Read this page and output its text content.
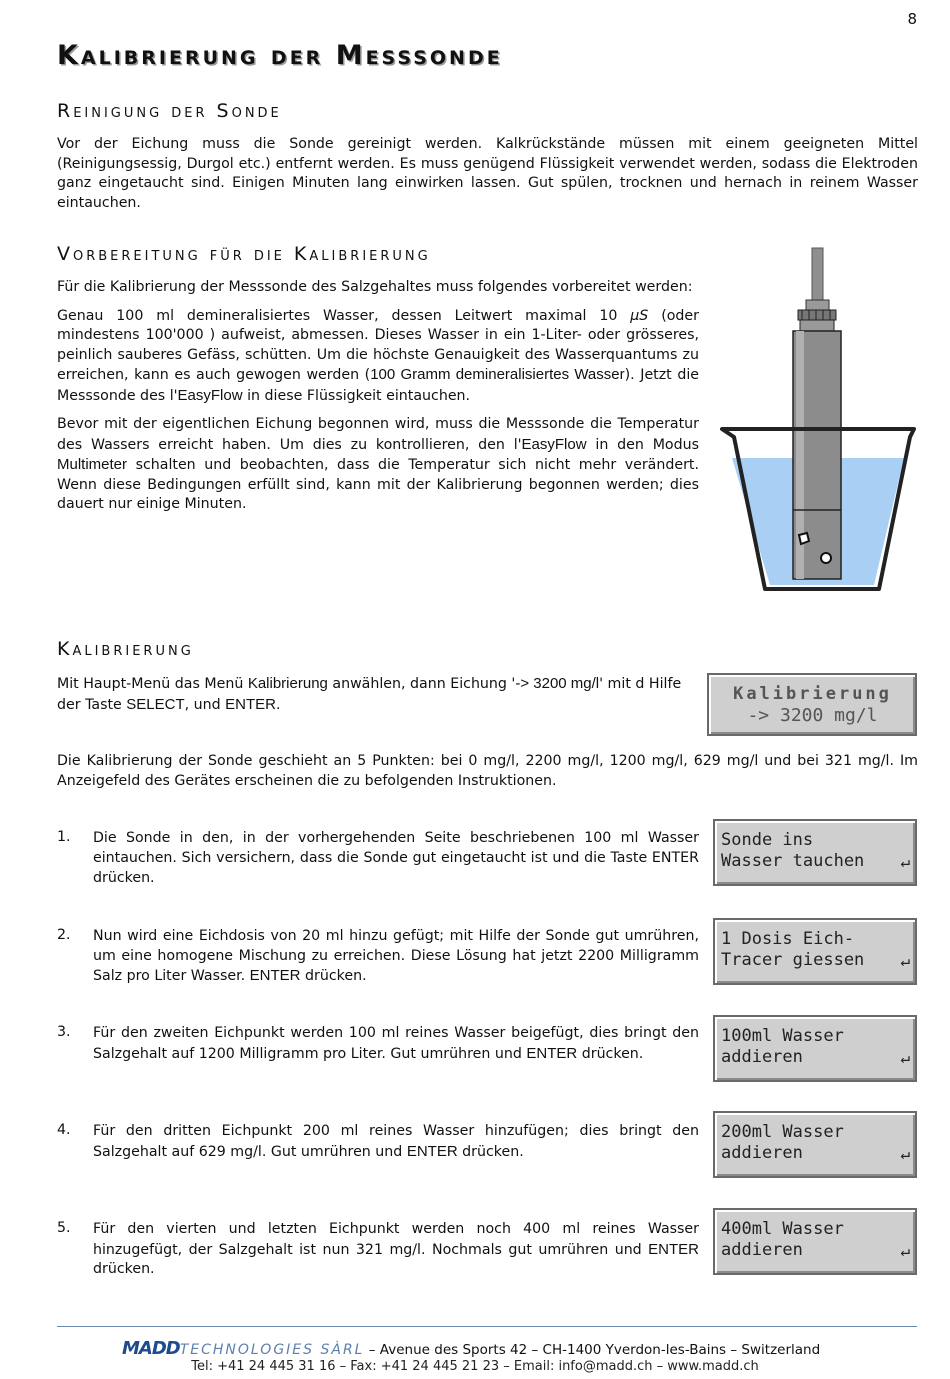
8
Kalibrierung der Messsonde
Reinigung der Sonde
Vor der Eichung muss die Sonde gereinigt werden. Kalkrückstände müssen mit einem geeigneten Mittel (Reinigungsessig, Durgol etc.) entfernt werden. Es muss genügend Flüssigkeit verwendet werden, sodass die Elektroden ganz eingetaucht sind. Einigen Minuten lang einwirken lassen. Gut spülen, trocknen und hernach in reinem Wasser eintauchen.
Vorbereitung für die Kalibrierung

Für die Kalibrierung der Messsonde des Salzgehaltes muss folgendes vorbereitet werden:

Genau 100 ml demineralisiertes Wasser, dessen Leitwert maximal 10 µS (oder mindestens 100'000 ) aufweist, abmessen. Dieses Wasser in ein 1-Liter- oder grösseres, peinlich sauberes Gefäss, schütten. Um die höchste Genauigkeit des Wasserquantums zu erreichen, kann es auch gewogen werden (100 Gramm demineralisiertes Wasser). Jetzt die Messsonde des l'EasyFlow in diese Flüssigkeit eintauchen.

Bevor mit der eigentlichen Eichung begonnen wird, muss die Messsonde die Temperatur des Wassers erreicht haben. Um dies zu kontrollieren, den l'EasyFlow in den Modus Multimeter schalten und beobachten, dass die Temperatur sich nicht mehr verändert. Wenn diese Bedingungen erfüllt sind, kann mit der Kalibrierung begonnen werden; dies dauert nur einige Minuten.

Kalibrierung
Mit Haupt-Menü das Menü Kalibrierung anwählen, dann Eichung '-> 3200 mg/l' mit d Hilfe der Taste SELECT, und ENTER.
Kalibrierung
-> 3200 mg/l
Die Kalibrierung der Sonde geschieht an 5 Punkten: bei 0 mg/l, 2200 mg/l, 1200 mg/l, 629 mg/l und bei 321 mg/l. Im Anzeigefeld des Gerätes erscheinen die zu befolgenden Instruktionen.
1.	Die Sonde in den, in der vorhergehenden Seite beschriebenen 100 ml Wasser eintauchen. Sich versichern, dass die Sonde gut eingetaucht ist und die Taste ENTER drücken.
Sonde ins
Wasser tauchen ↵
2.	Nun wird eine Eichdosis von 20 ml hinzu gefügt; mit Hilfe der Sonde gut umrühren, um eine homogene Mischung zu erreichen. Diese Lösung hat jetzt 2200 Milligramm Salz pro Liter Wasser. ENTER drücken.
1 Dosis Eich-
Tracer giessen ↵
3.	Für den zweiten Eichpunkt werden 100 ml reines Wasser beigefügt, dies bringt den Salzgehalt auf 1200 Milligramm pro Liter. Gut umrühren und ENTER drücken.
100ml Wasser
addieren	↵
4.	Für den dritten Eichpunkt 200 ml reines Wasser hinzufügen; dies bringt den Salzgehalt auf 629 mg/l. Gut umrühren und ENTER drücken.
200ml Wasser
addieren	↵
5.	Für den vierten und letzten Eichpunkt werden noch 400 ml reines Wasser hinzugefügt, der Salzgehalt ist nun 321 mg/l. Nochmals gut umrühren und ENTER drücken.
400ml Wasser
addieren	↵
MADDTECHNOLOGIES SÀRL – Avenue des Sports 42 – CH-1400 Yverdon-les-Bains – Switzerland
Tel: +41 24 445 31 16 – Fax: +41 24 445 21 23 – Email: info@madd.ch – www.madd.ch
